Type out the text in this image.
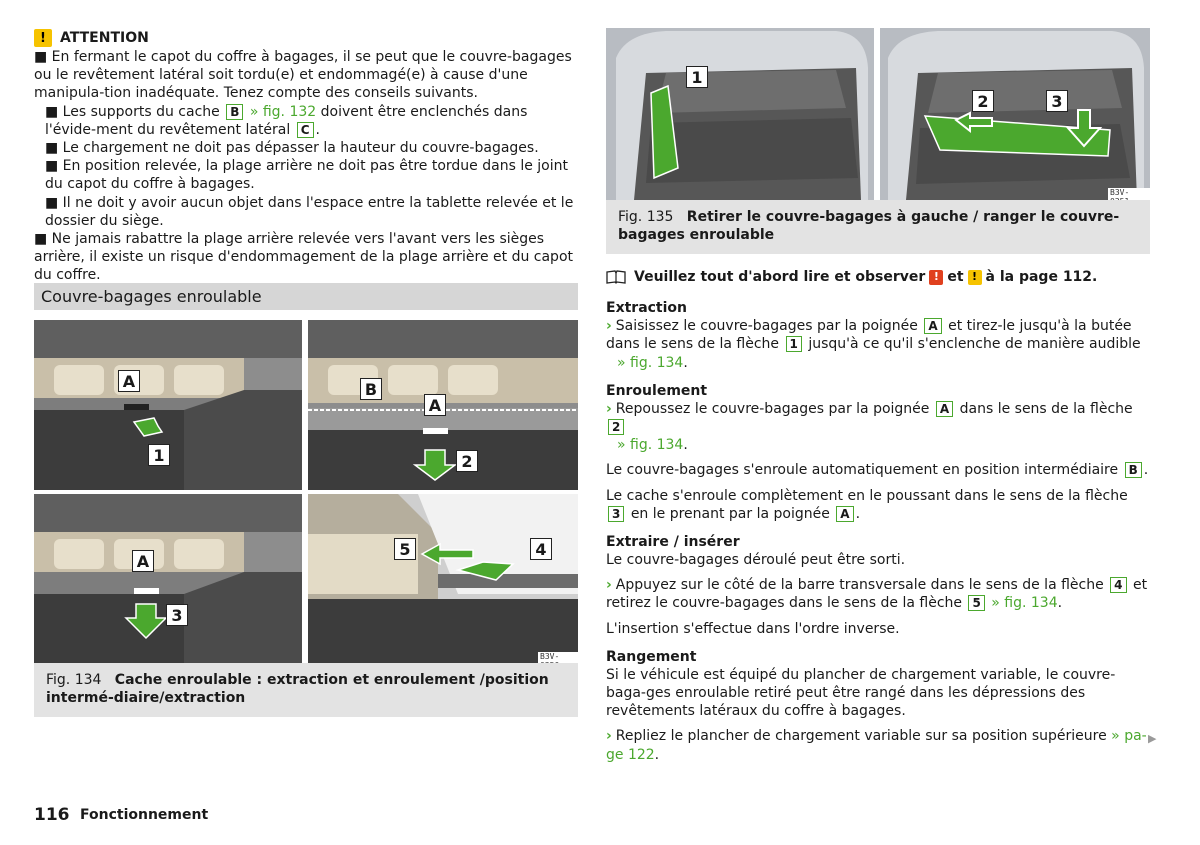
!	ATTENTION
■ En fermant le capot du coffre à bagages, il se peut que le couvre-bagages ou le revêtement latéral soit tordu(e) et endommagé(e) à cause d'une manipula-tion inadéquate. Tenez compte des conseils suivants.
■ Les supports du cache B » fig. 132 doivent être enclenchés dans l'évide-ment du revêtement latéral C .
■ Le chargement ne doit pas dépasser la hauteur du couvre-bagages.
■ En position relevée, la plage arrière ne doit pas être tordue dans le joint du capot du coffre à bagages.
■ Il ne doit y avoir aucun objet dans l'espace entre la tablette relevée et le dossier du siège.
■ Ne jamais rabattre la plage arrière relevée vers l'avant vers les sièges arrière, il existe un risque d'endommagement de la plage arrière et du capot du coffre.
Couvre-bagages enroulable
A
1
B
A
2
A
3
5	4
B3V-
Fig. 134 Cache enroulable : extraction et enroulement /position intermé-diaire/extraction
1
2	3
B3V-
Fig. 135 Retirer le couvre-bagages à gauche / ranger le couvre-bagages enroulable
Veuillez tout d'abord lire et observer ! et ! à la page 112.
Extraction
› Saisissez le couvre-bagages par la poignée A et tirez-le jusqu'à la butée dans le sens de la flèche 1 jusqu'à ce qu'il s'enclenche de manière audible
» fig. 134.
Enroulement
› Repoussez le couvre-bagages par la poignée A dans le sens de la flèche 2
» fig. 134.
Le couvre-bagages s'enroule automatiquement en position intermédiaire B .
Le cache s'enroule complètement en le poussant dans le sens de la flèche 3 en le prenant par la poignée A .
Extraire / insérer
Le couvre-bagages déroulé peut être sorti.
› Appuyez sur le côté de la barre transversale dans le sens de la flèche 4 et retirez le couvre-bagages dans le sens de la flèche 5 » fig. 134.
L'insertion s'effectue dans l'ordre inverse.
Rangement
Si le véhicule est équipé du plancher de chargement variable, le couvre-baga-ges enroulable retiré peut être rangé dans les dépressions des revêtements latéraux du coffre à bagages.
› Repliez le plancher de chargement variable sur sa position supérieure » pa-ge 122.
▶
116 Fonctionnement
